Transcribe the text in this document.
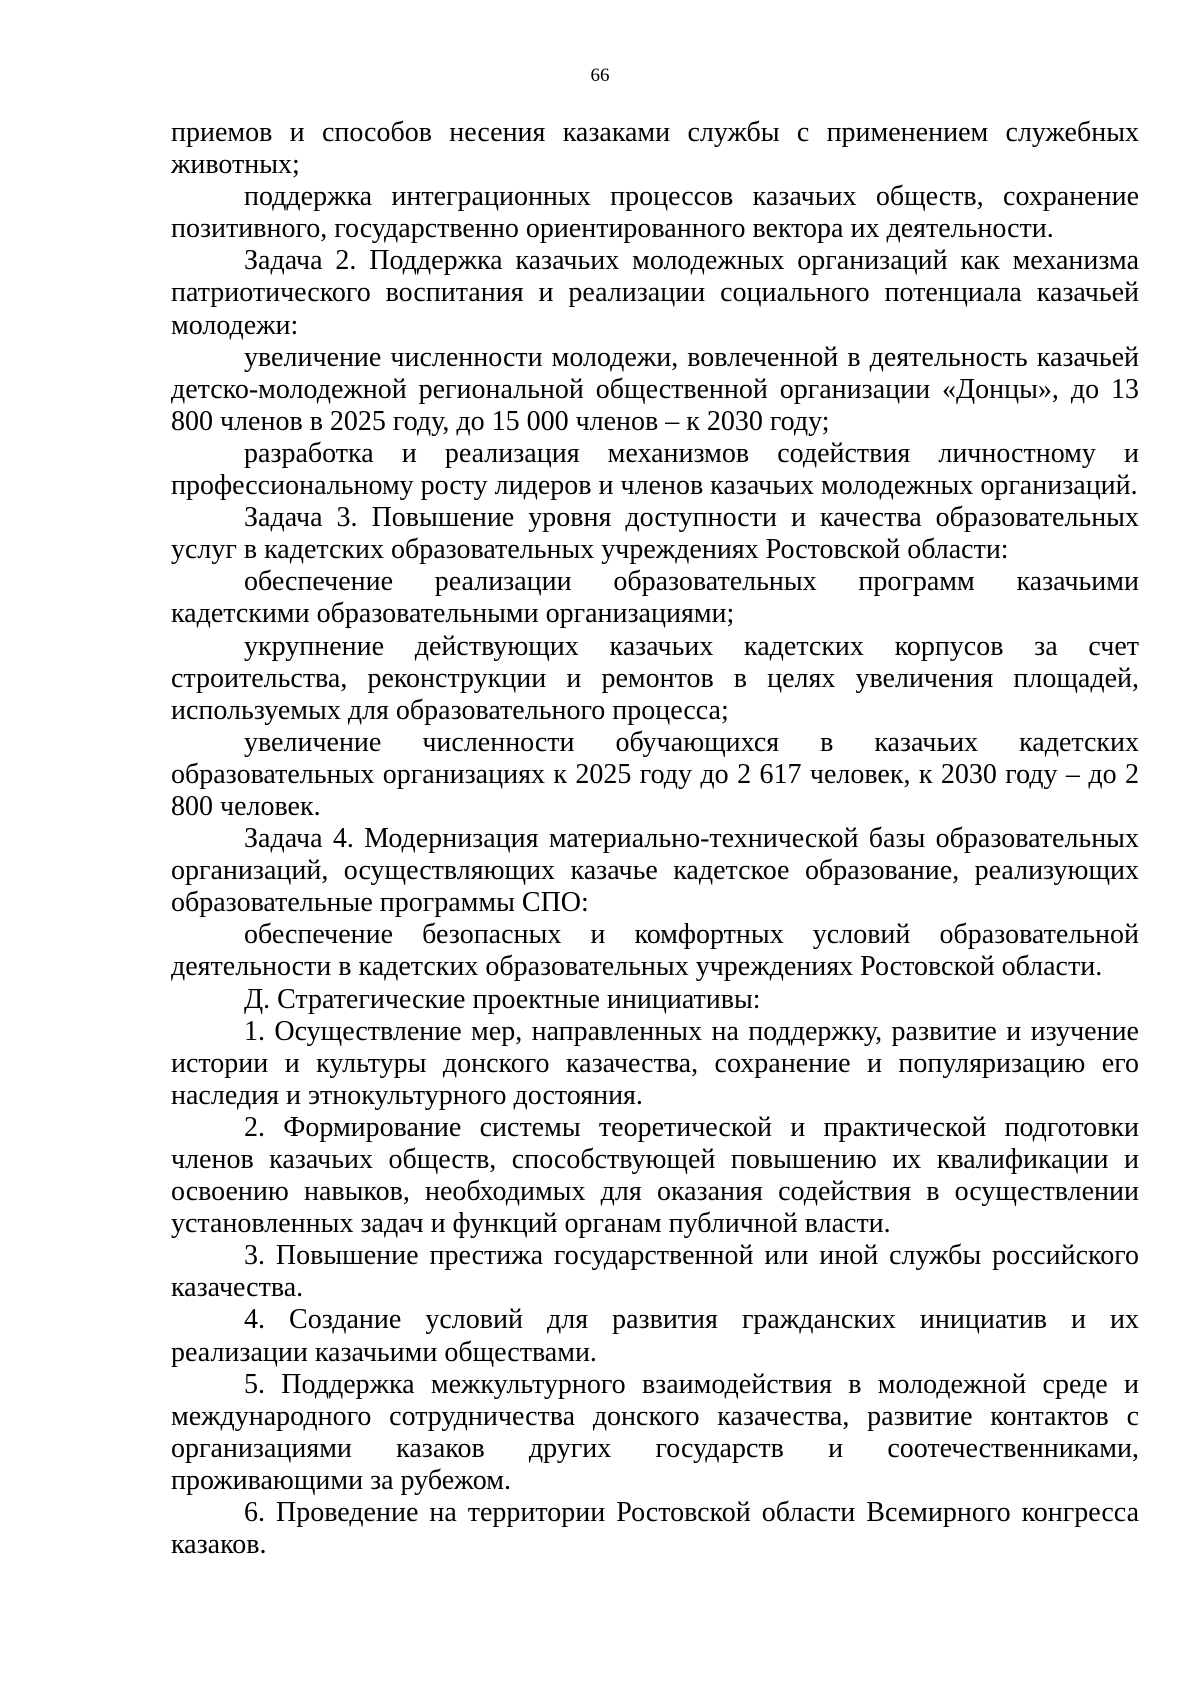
66

приемов и способов несения казаками службы с применением служебных животных;

поддержка интеграционных процессов казачьих обществ, сохранение позитивного, государственно ориентированного вектора их деятельности.

Задача 2. Поддержка казачьих молодежных организаций как механизма патриотического воспитания и реализации социального потенциала казачьей молодежи:

увеличение численности молодежи, вовлеченной в деятельность казачьей детско-молодежной региональной общественной организации «Донцы», до 13 800 членов в 2025 году, до 15 000 членов – к 2030 году;

разработка и реализация механизмов содействия личностному и профессиональному росту лидеров и членов казачьих молодежных организаций.

Задача 3. Повышение уровня доступности и качества образовательных услуг в кадетских образовательных учреждениях Ростовской области:

обеспечение реализации образовательных программ казачьими кадетскими образовательными организациями;

укрупнение действующих казачьих кадетских корпусов за счет строительства, реконструкции и ремонтов в целях увеличения площадей, используемых для образовательного процесса;

увеличение численности обучающихся в казачьих кадетских образовательных организациях к 2025 году до 2 617 человек, к 2030 году – до 2 800 человек.

Задача 4. Модернизация материально-технической базы образовательных организаций, осуществляющих казачье кадетское образование, реализующих образовательные программы СПО:

обеспечение безопасных и комфортных условий образовательной деятельности в кадетских образовательных учреждениях Ростовской области.

Д. Стратегические проектные инициативы:

1. Осуществление мер, направленных на поддержку, развитие и изучение истории и культуры донского казачества, сохранение и популяризацию его наследия и этнокультурного достояния.

2. Формирование системы теоретической и практической подготовки членов казачьих обществ, способствующей повышению их квалификации и освоению навыков, необходимых для оказания содействия в осуществлении установленных задач и функций органам публичной власти.

3. Повышение престижа государственной или иной службы российского казачества.

4. Создание условий для развития гражданских инициатив и их реализации казачьими обществами.

5. Поддержка межкультурного взаимодействия в молодежной среде и международного сотрудничества донского казачества, развитие контактов с организациями казаков других государств и соотечественниками, проживающими за рубежом.

6. Проведение на территории Ростовской области Всемирного конгресса казаков.
